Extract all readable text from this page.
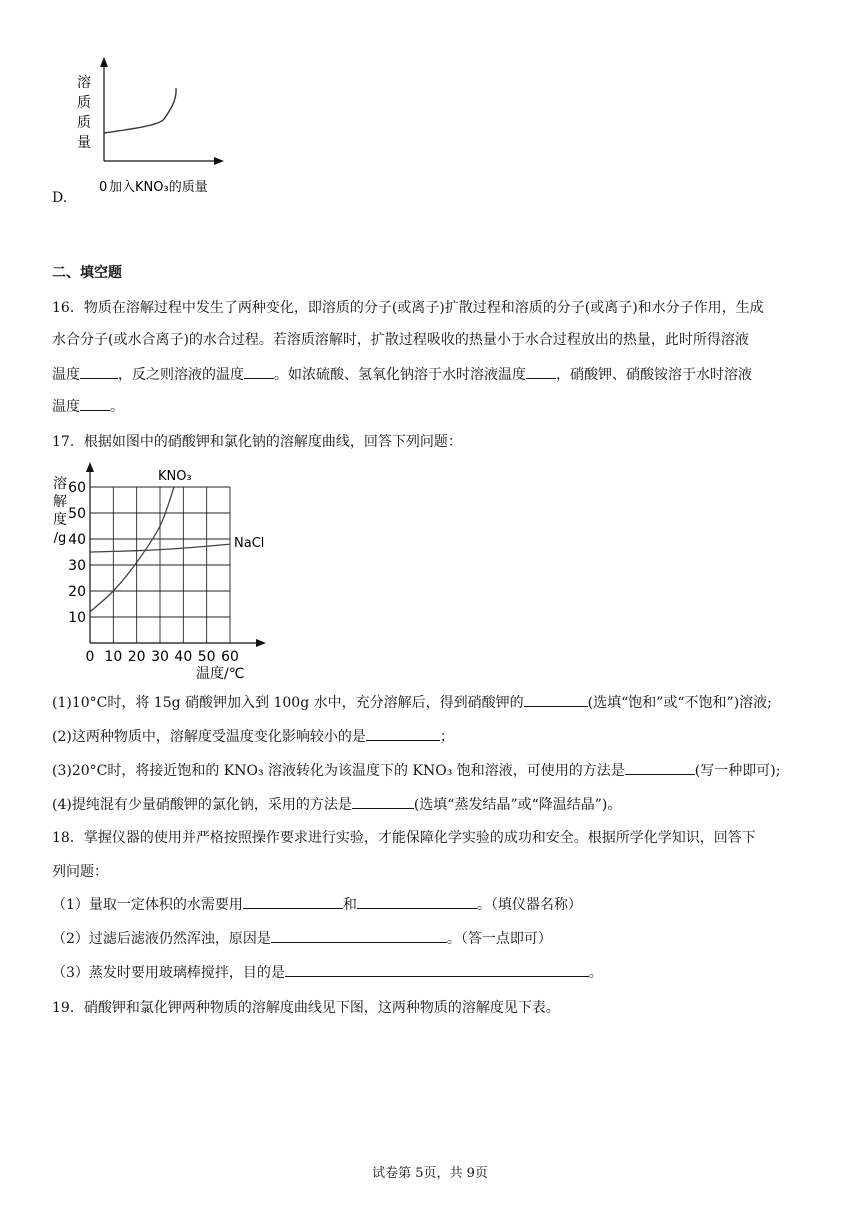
溶
质
质
量
0 加入KNO₃的质量
D.
二、填空题
16．物质在溶解过程中发生了两种变化，即溶质的分子(或离子)扩散过程和溶质的分子(或离子)和水分子作用，生成
水合分子(或水合离子)的水合过程。若溶质溶解时，扩散过程吸收的热量小于水合过程放出的热量，此时所得溶液
温度	，反之则溶液的温度 。如浓硫酸、氢氧化钠溶于水时溶液温度 ，硝酸钾、硝酸铵溶于水时溶液
温度 。
17．根据如图中的硝酸钾和氯化钠的溶解度曲线，回答下列问题：
10
20
30
40
50
60
0 10 20 30 40 50 60
KNO₃
NaCl
溶
解
度
/g
温度/℃
(1)10°C时，将 15g 硝酸钾加入到 100g 水中，充分溶解后，得到硝酸钾的	(选填“饱和”或“不饱和”)溶液;
(2)这两种物质中，溶解度受温度变化影响较小的是	；
(3)20°C时，将接近饱和的 KNO₃ 溶液转化为该温度下的 KNO₃ 饱和溶液，可使用的方法是	(写一种即可);
(4)提纯混有少量硝酸钾的氯化钠，采用的方法是	(选填“蒸发结晶”或“降温结晶”)。
18．掌握仪器的使用并严格按照操作要求进行实验，才能保障化学实验的成功和安全。根据所学化学知识，回答下
列问题：
（1）量取一定体积的水需要用	和	。（填仪器名称）
（2）过滤后滤液仍然浑浊，原因是	。（答一点即可）
（3）蒸发时要用玻璃棒搅拌，目的是	。
19．硝酸钾和氯化钾两种物质的溶解度曲线见下图，这两种物质的溶解度见下表。
试卷第 5页，共 9页
